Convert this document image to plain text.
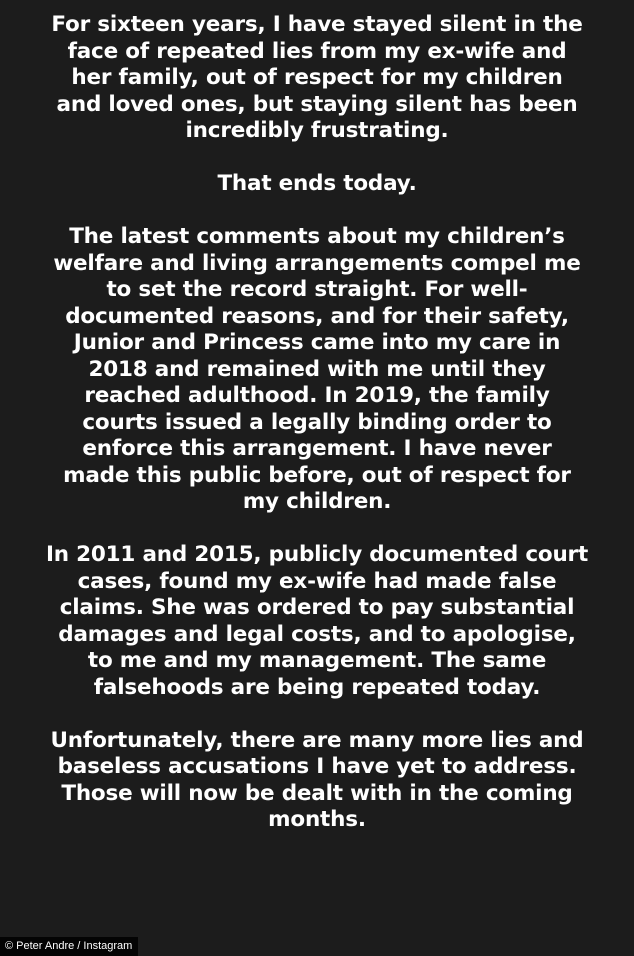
For sixteen years, I have stayed silent in the
face of repeated lies from my ex-wife and
her family, out of respect for my children
and loved ones, but staying silent has been
incredibly frustrating.

That ends today.

The latest comments about my children’s
welfare and living arrangements compel me
to set the record straight. For well-
documented reasons, and for their safety,
Junior and Princess came into my care in
2018 and remained with me until they
reached adulthood. In 2019, the family
courts issued a legally binding order to
enforce this arrangement. I have never
made this public before, out of respect for
my children.

In 2011 and 2015, publicly documented court
cases, found my ex-wife had made false
claims. She was ordered to pay substantial
damages and legal costs, and to apologise,
to me and my management. The same
falsehoods are being repeated today.

Unfortunately, there are many more lies and
baseless accusations I have yet to address.
Those will now be dealt with in the coming
months.

© Peter Andre / Instagram
